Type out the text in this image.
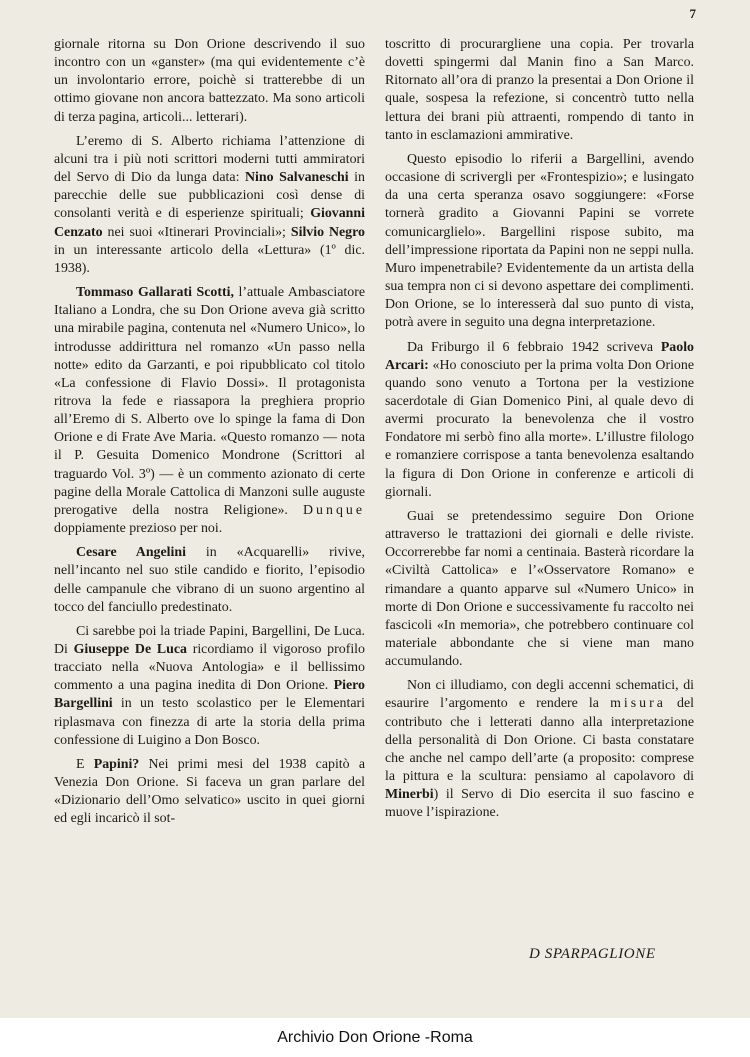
7

giornale ritorna su Don Orione descrivendo il suo incontro con un «ganster» (ma qui evidentemente c’è un involontario errore, poichè si tratterebbe di un ottimo giovane non ancora battezzato. Ma sono articoli di terza pagina, articoli... letterari).

L’eremo di S. Alberto richiama l’attenzione di alcuni tra i più noti scrittori moderni tutti ammiratori del Servo di Dio da lunga data: Nino Salvaneschi in parecchie delle sue pubblicazioni così dense di consolanti verità e di esperienze spirituali; Giovanni Cenzato nei suoi «Itinerari Provinciali»; Silvio Negro in un interessante articolo della «Lettura» (1º dic. 1938).

Tommaso Gallarati Scotti, l’attuale Ambasciatore Italiano a Londra, che su Don Orione aveva già scritto una mirabile pagina, contenuta nel «Numero Unico», lo introdusse addirittura nel romanzo «Un passo nella notte» edito da Garzanti, e poi ripubblicato col titolo «La confessione di Flavio Dossi». Il protagonista ritrova la fede e riassapora la preghiera proprio all’Eremo di S. Alberto ove lo spinge la fama di Don Orione e di Frate Ave Maria. «Questo romanzo — nota il P. Gesuita Domenico Mondrone (Scrittori al traguardo Vol. 3º) — è un commento azionato di certe pagine della Morale Cattolica di Manzoni sulle auguste prerogative della nostra Religione». Dunque doppiamente prezioso per noi.

Cesare Angelini in «Acquarelli» rivive, nell’incanto nel suo stile candido e fiorito, l’episodio delle campanule che vibrano di un suono argentino al tocco del fanciullo predestinato.

Ci sarebbe poi la triade Papini, Bargellini, De Luca. Di Giuseppe De Luca ricordiamo il vigoroso profilo tracciato nella «Nuova Antologia» e il bellissimo commento a una pagina inedita di Don Orione. Piero Bargellini in un testo scolastico per le Elementari riplasmava con finezza di arte la storia della prima confessione di Luigino a Don Bosco.

E Papini? Nei primi mesi del 1938 capitò a Venezia Don Orione. Si faceva un gran parlare del «Dizionario dell’Omo selvatico» uscito in quei giorni ed egli incaricò il sot-

toscritto di procurargliene una copia. Per trovarla dovetti spingermi dal Manin fino a San Marco. Ritornato all’ora di pranzo la presentai a Don Orione il quale, sospesa la refezione, si concentrò tutto nella lettura dei brani più attraenti, rompendo di tanto in tanto in esclamazioni ammirative.

Questo episodio lo riferii a Bargellini, avendo occasione di scrivergli per «Frontespizio»; e lusingato da una certa speranza osavo soggiungere: «Forse tornerà gradito a Giovanni Papini se vorrete comunicarglielo». Bargellini rispose subito, ma dell’impressione riportata da Papini non ne seppi nulla. Muro impenetrabile? Evidentemente da un artista della sua tempra non ci si devono aspettare dei complimenti. Don Orione, se lo interesserà dal suo punto di vista, potrà avere in seguito una degna interpretazione.

Da Friburgo il 6 febbraio 1942 scriveva Paolo Arcari: «Ho conosciuto per la prima volta Don Orione quando sono venuto a Tortona per la vestizione sacerdotale di Gian Domenico Pini, al quale devo di avermi procurato la benevolenza che il vostro Fondatore mi serbò fino alla morte». L’illustre filologo e romanziere corrispose a tanta benevolenza esaltando la figura di Don Orione in conferenze e articoli di giornali.

Guai se pretendessimo seguire Don Orione attraverso le trattazioni dei giornali e delle riviste. Occorrerebbe far nomi a centinaia. Basterà ricordare la «Civiltà Cattolica» e l’«Osservatore Romano» e rimandare a quanto apparve sul «Numero Unico» in morte di Don Orione e successivamente fu raccolto nei fascicoli «In memoria», che potrebbero continuare col materiale abbondante che si viene man mano accumulando.

Non ci illudiamo, con degli accenni schematici, di esaurire l’argomento e rendere la misura del contributo che i letterati danno alla interpretazione della personalità di Don Orione. Ci basta constatare che anche nel campo dell’arte (a proposito: comprese la pittura e la scultura: pensiamo al capolavoro di Minerbi) il Servo di Dio esercita il suo fascino e muove l’ispirazione.

D SPARPAGLIONE
Archivio Don Orione -Roma
